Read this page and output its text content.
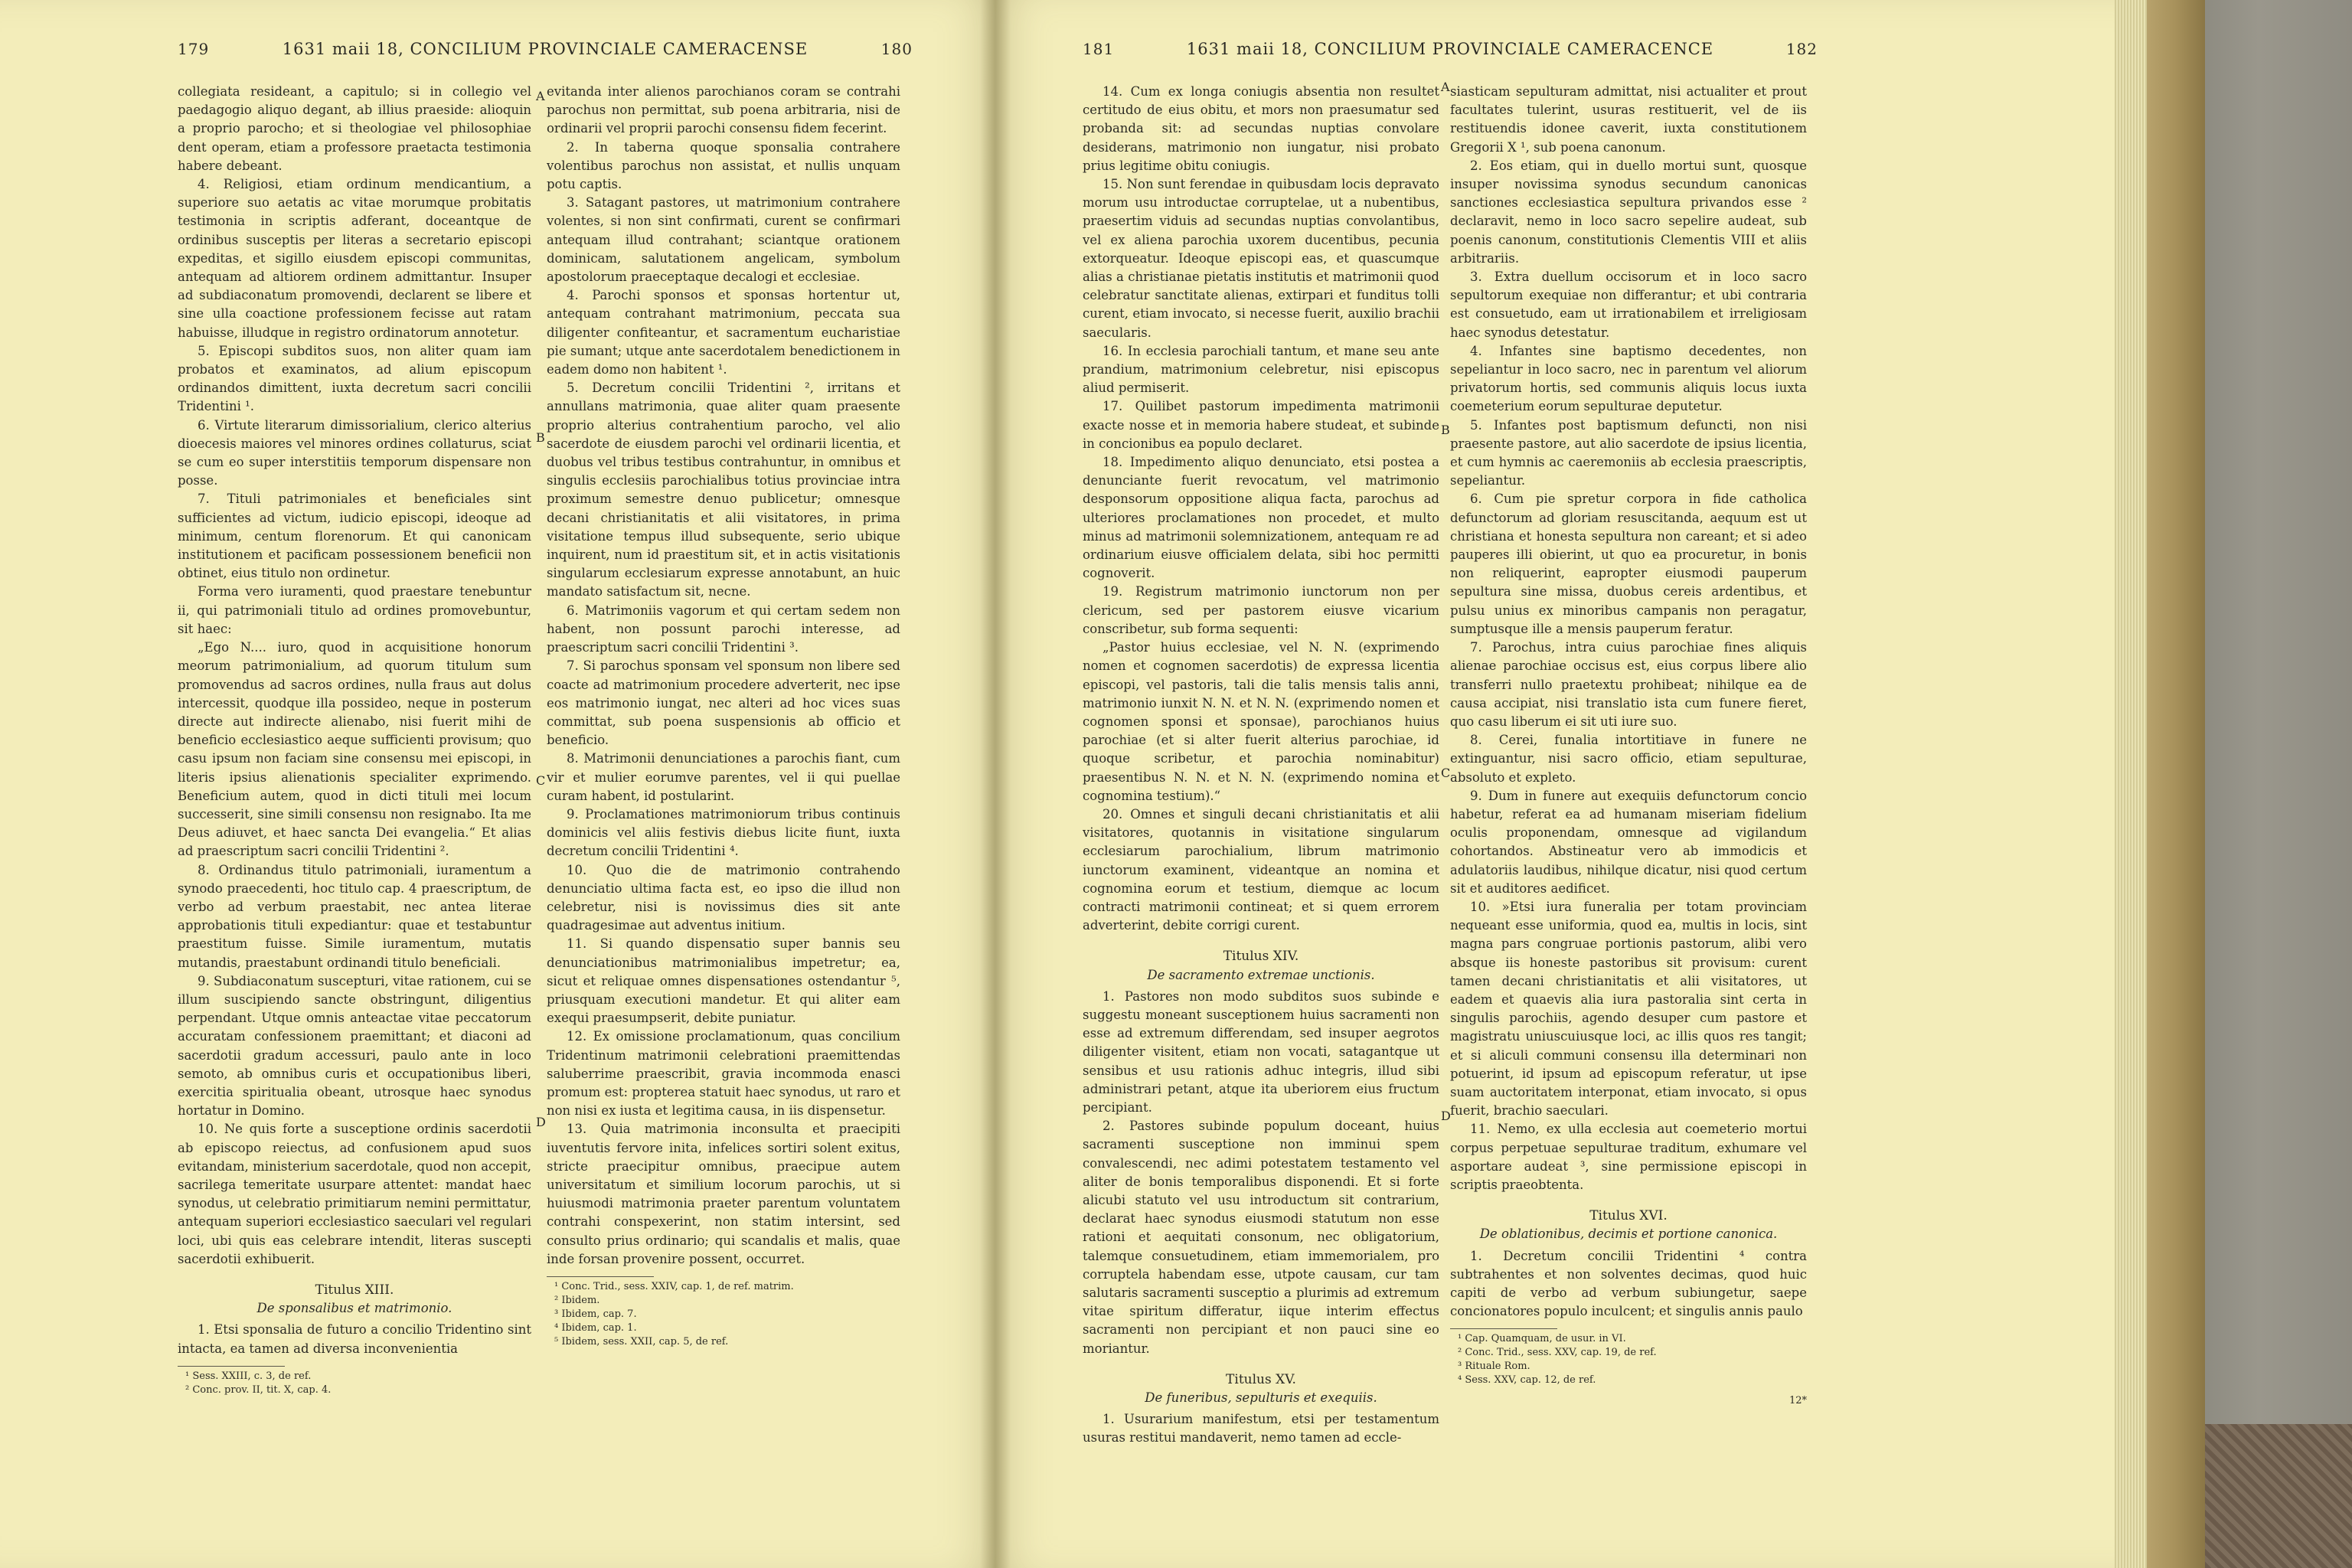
179	1631 maii 18, CONCILIUM PROVINCIALE CAMERACENSE	180

collegiata resideant, a capitulo; si in collegio vel paedagogio aliquo degant, ab illius praeside: alioquin a proprio parocho; et si theologiae vel philosophiae dent operam, etiam a professore praetacta testimonia habere debeant.

4. Religiosi, etiam ordinum mendicantium, a superiore suo aetatis ac vitae morumque probitatis testimonia in scriptis adferant, doceantque de ordinibus susceptis per literas a secretario episcopi expeditas, et sigillo eiusdem episcopi communitas, antequam ad altiorem ordinem admittantur. Insuper ad subdiaconatum promovendi, declarent se libere et sine ulla coactione professionem fecisse aut ratam habuisse, illudque in registro ordinatorum annotetur.

5. Episcopi subditos suos, non aliter quam iam probatos et examinatos, ad alium episcopum ordinandos dimittent, iuxta decretum sacri concilii Tridentini ¹.

6. Virtute literarum dimissorialium, clerico alterius dioecesis maiores vel minores ordines collaturus, sciat se cum eo super interstitiis temporum dispensare non posse.

7. Tituli patrimoniales et beneficiales sint sufficientes ad victum, iudicio episcopi, ideoque ad minimum, centum florenorum. Et qui canonicam institutionem et pacificam possessionem beneficii non obtinet, eius titulo non ordinetur.

Forma vero iuramenti, quod praestare tenebuntur ii, qui patrimoniali titulo ad ordines promovebuntur, sit haec:

„Ego N.... iuro, quod in acquisitione honorum meorum patrimonialium, ad quorum titulum sum promovendus ad sacros ordines, nulla fraus aut dolus intercessit, quodque illa possideo, neque in posterum directe aut indirecte alienabo, nisi fuerit mihi de beneficio ecclesiastico aeque sufficienti provisum; quo casu ipsum non faciam sine consensu mei episcopi, in literis ipsius alienationis specialiter exprimendo. Beneficium autem, quod in dicti tituli mei locum successerit, sine simili consensu non resignabo. Ita me Deus adiuvet, et haec sancta Dei evangelia.“ Et alias ad praescriptum sacri concilii Tridentini ².

8. Ordinandus titulo patrimoniali, iuramentum a synodo praecedenti, hoc titulo cap. 4 praescriptum, de verbo ad verbum praestabit, nec antea literae approbationis tituli expediantur: quae et testabuntur praestitum fuisse. Simile iuramentum, mutatis mutandis, praestabunt ordinandi titulo beneficiali.

9. Subdiaconatum suscepturi, vitae rationem, cui se illum suscipiendo sancte obstringunt, diligentius perpendant. Utque omnis anteactae vitae peccatorum accuratam confessionem praemittant; et diaconi ad sacerdotii gradum accessuri, paulo ante in loco semoto, ab omnibus curis et occupationibus liberi, exercitia spiritualia obeant, utrosque haec synodus hortatur in Domino.

10. Ne quis forte a susceptione ordinis sacerdotii ab episcopo reiectus, ad confusionem apud suos evitandam, ministerium sacerdotale, quod non accepit, sacrilega temeritate usurpare attentet: mandat haec synodus, ut celebratio primitiarum nemini permittatur, antequam superiori ecclesiastico saeculari vel regulari loci, ubi quis eas celebrare intendit, literas suscepti sacerdotii exhibuerit.

Titulus XIII.

De sponsalibus et matrimonio.

1. Etsi sponsalia de futuro a concilio Tridentino sint intacta, ea tamen ad diversa inconvenientia

¹ Sess. XXIII, c. 3, de ref.

² Conc. prov. II, tit. X, cap. 4.

evitanda inter alienos parochianos coram se contrahi parochus non permittat, sub poena arbitraria, nisi de ordinarii vel proprii parochi consensu fidem fecerint.

2. In taberna quoque sponsalia contrahere volentibus parochus non assistat, et nullis unquam potu captis.

3. Satagant pastores, ut matrimonium contrahere volentes, si non sint confirmati, curent se confirmari antequam illud contrahant; sciantque orationem dominicam, salutationem angelicam, symbolum apostolorum praeceptaque decalogi et ecclesiae.

4. Parochi sponsos et sponsas hortentur ut, antequam contrahant matrimonium, peccata sua diligenter confiteantur, et sacramentum eucharistiae pie sumant; utque ante sacerdotalem benedictionem in eadem domo non habitent ¹.

5. Decretum concilii Tridentini ², irritans et annullans matrimonia, quae aliter quam praesente proprio alterius contrahentium parocho, vel alio sacerdote de eiusdem parochi vel ordinarii licentia, et duobus vel tribus testibus contrahuntur, in omnibus et singulis ecclesiis parochialibus totius provinciae intra proximum semestre denuo publicetur; omnesque decani christianitatis et alii visitatores, in prima visitatione tempus illud subsequente, serio ubique inquirent, num id praestitum sit, et in actis visitationis singularum ecclesiarum expresse annotabunt, an huic mandato satisfactum sit, necne.

6. Matrimoniis vagorum et qui certam sedem non habent, non possunt parochi interesse, ad praescriptum sacri concilii Tridentini ³.

7. Si parochus sponsam vel sponsum non libere sed coacte ad matrimonium procedere adverterit, nec ipse eos matrimonio iungat, nec alteri ad hoc vices suas committat, sub poena suspensionis ab officio et beneficio.

8. Matrimonii denunciationes a parochis fiant, cum vir et mulier eorumve parentes, vel ii qui puellae curam habent, id postularint.

9. Proclamationes matrimoniorum tribus continuis dominicis vel aliis festivis diebus licite fiunt, iuxta decretum concilii Tridentini ⁴.

10. Quo die de matrimonio contrahendo denunciatio ultima facta est, eo ipso die illud non celebretur, nisi is novissimus dies sit ante quadragesimae aut adventus initium.

11. Si quando dispensatio super bannis seu denunciationibus matrimonialibus impetretur; ea, sicut et reliquae omnes dispensationes ostendantur ⁵, priusquam executioni mandetur. Et qui aliter eam exequi praesumpserit, debite puniatur.

12. Ex omissione proclamationum, quas concilium Tridentinum matrimonii celebrationi praemittendas saluberrime praescribit, gravia incommoda enasci promum est: propterea statuit haec synodus, ut raro et non nisi ex iusta et legitima causa, in iis dispensetur.

13. Quia matrimonia inconsulta et praecipiti iuventutis fervore inita, infelices sortiri solent exitus, stricte praecipitur omnibus, praecipue autem universitatum et similium locorum parochis, ut si huiusmodi matrimonia praeter parentum voluntatem contrahi conspexerint, non statim intersint, sed consulto prius ordinario; qui scandalis et malis, quae inde forsan provenire possent, occurret.

¹ Conc. Trid., sess. XXIV, cap. 1, de ref. matrim.

² Ibidem.

³ Ibidem, cap. 7.

⁴ Ibidem, cap. 1.

⁵ Ibidem, sess. XXII, cap. 5, de ref.

A
B
C
D
181	1631 maii 18, CONCILIUM PROVINCIALE CAMERACENCE	182

14. Cum ex longa coniugis absentia non resultet certitudo de eius obitu, et mors non praesumatur sed probanda sit: ad secundas nuptias convolare desiderans, matrimonio non iungatur, nisi probato prius legitime obitu coniugis.

15. Non sunt ferendae in quibusdam locis depravato morum usu introductae corruptelae, ut a nubentibus, praesertim viduis ad secundas nuptias convolantibus, vel ex aliena parochia uxorem ducentibus, pecunia extorqueatur. Ideoque episcopi eas, et quascumque alias a christianae pietatis institutis et matrimonii quod celebratur sanctitate alienas, extirpari et funditus tolli curent, etiam invocato, si necesse fuerit, auxilio brachii saecularis.

16. In ecclesia parochiali tantum, et mane seu ante prandium, matrimonium celebretur, nisi episcopus aliud permiserit.

17. Quilibet pastorum impedimenta matrimonii exacte nosse et in memoria habere studeat, et subinde in concionibus ea populo declaret.

18. Impedimento aliquo denunciato, etsi postea a denunciante fuerit revocatum, vel matrimonio desponsorum oppositione aliqua facta, parochus ad ulteriores proclamationes non procedet, et multo minus ad matrimonii solemnizationem, antequam re ad ordinarium eiusve officialem delata, sibi hoc permitti cognoverit.

19. Registrum matrimonio iunctorum non per clericum, sed per pastorem eiusve vicarium conscribetur, sub forma sequenti:

„Pastor huius ecclesiae, vel N. N. (exprimendo nomen et cognomen sacerdotis) de expressa licentia episcopi, vel pastoris, tali die talis mensis talis anni, matrimonio iunxit N. N. et N. N. (exprimendo nomen et cognomen sponsi et sponsae), parochianos huius parochiae (et si alter fuerit alterius parochiae, id quoque scribetur, et parochia nominabitur) praesentibus N. N. et N. N. (exprimendo nomina et cognomina testium).“

20. Omnes et singuli decani christianitatis et alii visitatores, quotannis in visitatione singularum ecclesiarum parochialium, librum matrimonio iunctorum examinent, videantque an nomina et cognomina eorum et testium, diemque ac locum contracti matrimonii contineat; et si quem errorem adverterint, debite corrigi curent.

Titulus XIV.

De sacramento extremae unctionis.

1. Pastores non modo subditos suos subinde e suggestu moneant susceptionem huius sacramenti non esse ad extremum differendam, sed insuper aegrotos diligenter visitent, etiam non vocati, satagantque ut sensibus et usu rationis adhuc integris, illud sibi administrari petant, atque ita uberiorem eius fructum percipiant.

2. Pastores subinde populum doceant, huius sacramenti susceptione non imminui spem convalescendi, nec adimi potestatem testamento vel aliter de bonis temporalibus disponendi. Et si forte alicubi statuto vel usu introductum sit contrarium, declarat haec synodus eiusmodi statutum non esse rationi et aequitati consonum, nec obligatorium, talemque consuetudinem, etiam immemorialem, pro corruptela habendam esse, utpote causam, cur tam salutaris sacramenti susceptio a plurimis ad extremum vitae spiritum differatur, iique interim effectus sacramenti non percipiant et non pauci sine eo moriantur.

Titulus XV.

De funeribus, sepulturis et exequiis.

1. Usurarium manifestum, etsi per testamentum usuras restitui mandaverit, nemo tamen ad eccle-

siasticam sepulturam admittat, nisi actualiter et prout facultates tulerint, usuras restituerit, vel de iis restituendis idonee caverit, iuxta constitutionem Gregorii X ¹, sub poena canonum.

2. Eos etiam, qui in duello mortui sunt, quosque insuper novissima synodus secundum canonicas sanctiones ecclesiastica sepultura privandos esse ² declaravit, nemo in loco sacro sepelire audeat, sub poenis canonum, constitutionis Clementis VIII et aliis arbitrariis.

3. Extra duellum occisorum et in loco sacro sepultorum exequiae non differantur; et ubi contraria est consuetudo, eam ut irrationabilem et irreligiosam haec synodus detestatur.

4. Infantes sine baptismo decedentes, non sepeliantur in loco sacro, nec in parentum vel aliorum privatorum hortis, sed communis aliquis locus iuxta coemeterium eorum sepulturae deputetur.

5. Infantes post baptismum defuncti, non nisi praesente pastore, aut alio sacerdote de ipsius licentia, et cum hymnis ac caeremoniis ab ecclesia praescriptis, sepeliantur.

6. Cum pie spretur corpora in fide catholica defunctorum ad gloriam resuscitanda, aequum est ut christiana et honesta sepultura non careant; et si adeo pauperes illi obierint, ut quo ea procuretur, in bonis non reliquerint, eapropter eiusmodi pauperum sepultura sine missa, duobus cereis ardentibus, et pulsu unius ex minoribus campanis non peragatur, sumptusque ille a mensis pauperum feratur.

7. Parochus, intra cuius parochiae fines aliquis alienae parochiae occisus est, eius corpus libere alio transferri nullo praetextu prohibeat; nihilque ea de causa accipiat, nisi translatio ista cum funere fieret, quo casu liberum ei sit uti iure suo.

8. Cerei, funalia intortitiave in funere ne extinguantur, nisi sacro officio, etiam sepulturae, absoluto et expleto.

9. Dum in funere aut exequiis defunctorum concio habetur, referat ea ad humanam miseriam fidelium oculis proponendam, omnesque ad vigilandum cohortandos. Abstineatur vero ab immodicis et adulatoriis laudibus, nihilque dicatur, nisi quod certum sit et auditores aedificet.

10. »Etsi iura funeralia per totam provinciam nequeant esse uniformia, quod ea, multis in locis, sint magna pars congruae portionis pastorum, alibi vero absque iis honeste pastoribus sit provisum: curent tamen decani christianitatis et alii visitatores, ut eadem et quaevis alia iura pastoralia sint certa in singulis parochiis, agendo desuper cum pastore et magistratu uniuscuiusque loci, ac illis quos res tangit; et si aliculi communi consensu illa determinari non potuerint, id ipsum ad episcopum referatur, ut ipse suam auctoritatem interponat, etiam invocato, si opus fuerit, brachio saeculari.

11. Nemo, ex ulla ecclesia aut coemeterio mortui corpus perpetuae sepulturae traditum, exhumare vel asportare audeat ³, sine permissione episcopi in scriptis praeobtenta.

Titulus XVI.

De oblationibus, decimis et portione canonica.

1. Decretum concilii Tridentini ⁴ contra subtrahentes et non solventes decimas, quod huic capiti de verbo ad verbum subiungetur, saepe concionatores populo inculcent; et singulis annis paulo

¹ Cap. Quamquam, de usur. in VI.

² Conc. Trid., sess. XXV, cap. 19, de ref.

³ Rituale Rom.

⁴ Sess. XXV, cap. 12, de ref.

12*

A
B
C
D
